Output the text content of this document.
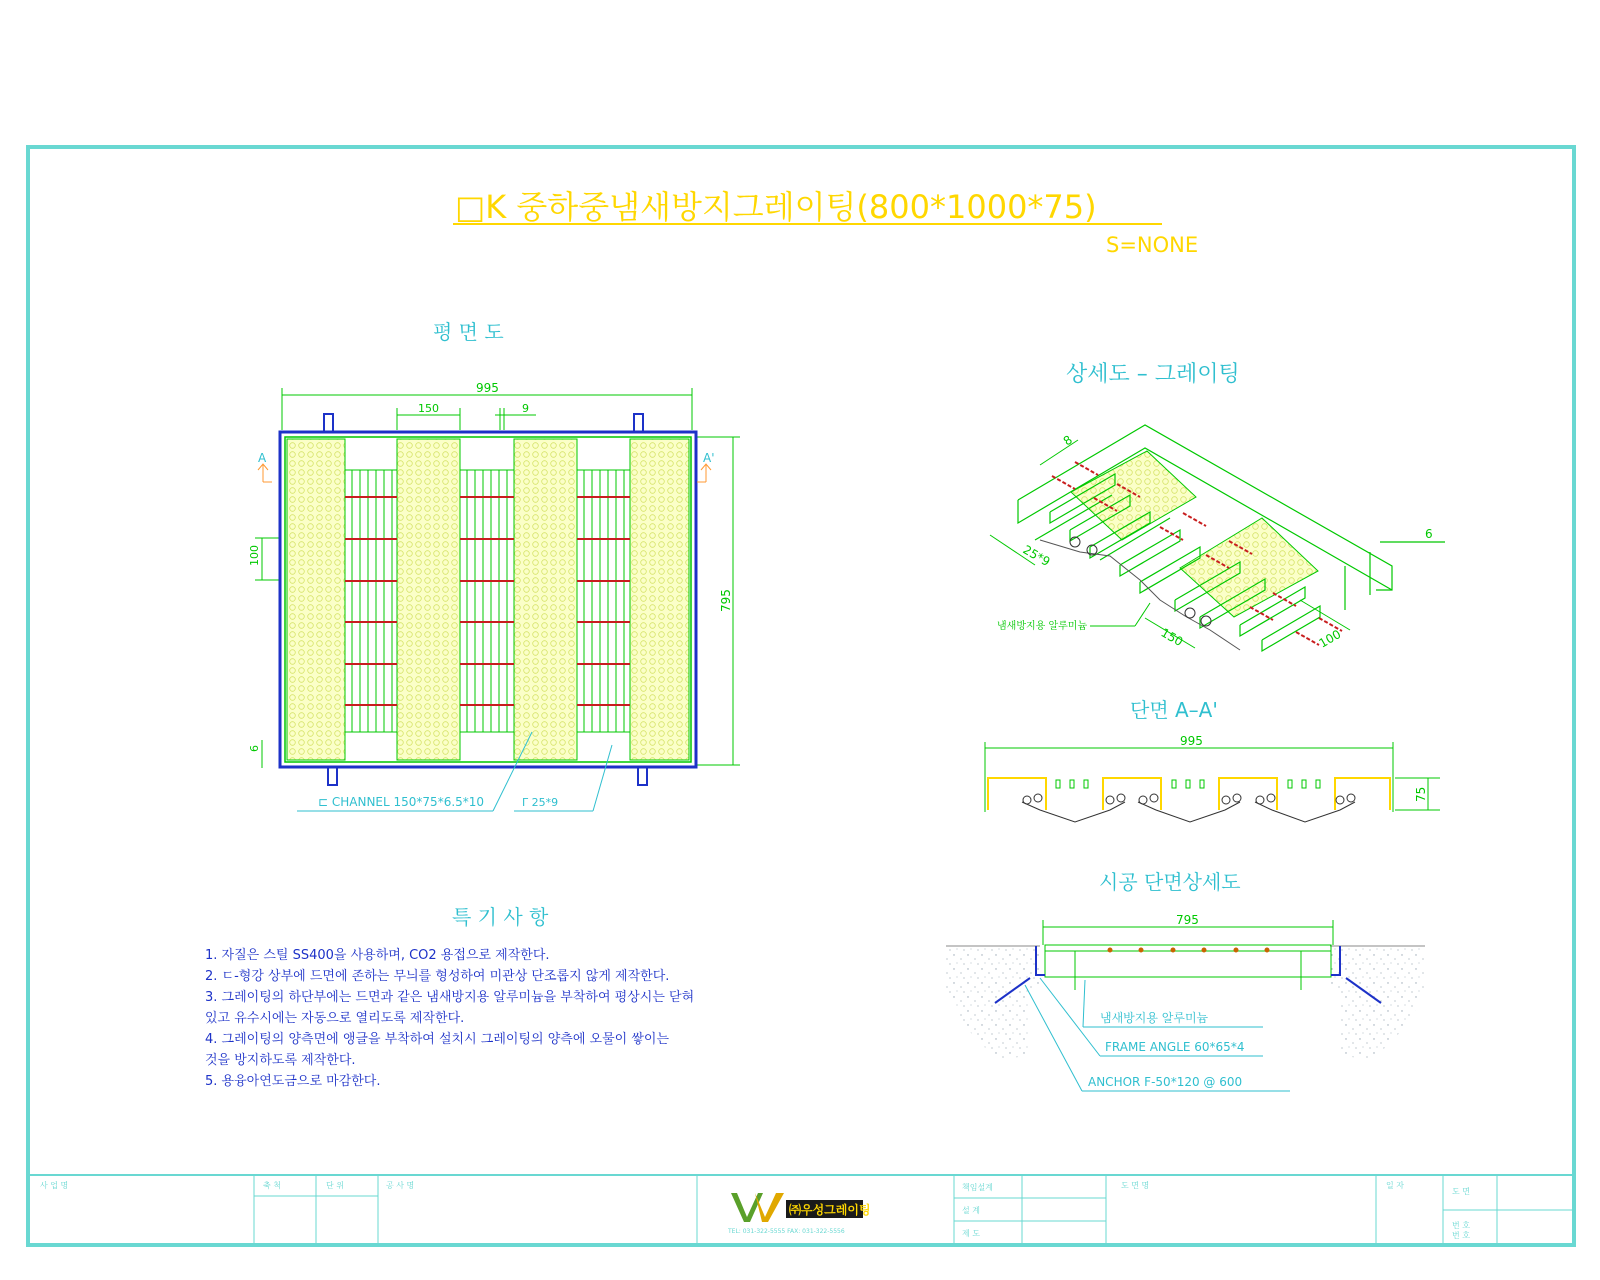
□K 중하중냄새방지그레이팅(800*1000*75)
S=NONE
평 면 도
995
150	9
795
100
6
A	A'
⊏ CHANNEL 150*75*6.5*10	Γ 25*9
상세도 – 그레이팅
8
6
25*9
150	100
냄새방지용 알루미늄
단면 A–A'
995
75
시공 단면상세도
795
냄새방지용 알루미늄
FRAME ANGLE 60*65*4
ANCHOR F-50*120 @ 600
특 기 사 항
1. 자질은 스틸 SS400을 사용하며, CO2 용접으로 제작한다.
2. ㄷ-형강 상부에 드면에 존하는 무늬를 형성하여 미관상 단조롭지 않게 제작한다.
3. 그레이팅의 하단부에는 드면과 같은 냄새방지용 알루미늄을 부착하여 평상시는 닫혀
있고 유수시에는 자동으로 열리도록 제작한다.
4. 그레이팅의 양측면에 앵글을 부착하여 설치시 그레이팅의 양측에 오물이 쌓이는
것을 방지하도록 제작한다.
5. 용융아연도금으로 마감한다.
사 업 명	축 척	단 위	공 사 명	책임설계
설 계
제 도
도 면 명	일 자
도 면
번 호
번 호
㈜우성그레이팅
TEL: 031-322-5555 FAX: 031-322-5556
